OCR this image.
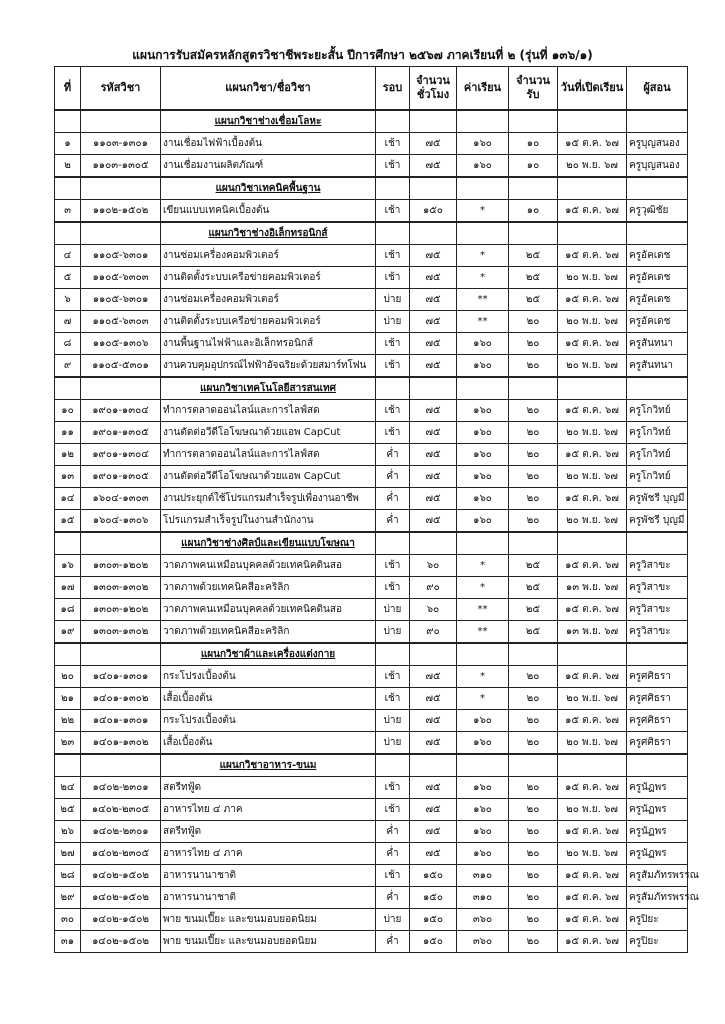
แผนการรับสมัครหลักสูตรวิชาชีพระยะสั้น ปีการศึกษา ๒๕๖๗ ภาคเรียนที่ ๒ (รุ่นที่ ๑๓๖/๑)
ที่	รหัสวิชา	แผนกวิชา/ชื่อวิชา	รอบ	จำนวนชั่วโมง	ค่าเรียน	จำนวนรับ	วันที่เปิดเรียน	ผู้สอน
		แผนกวิชาช่างเชื่อมโลหะ						
๑	๑๑๐๓-๑๓๐๑	งานเชื่อมไฟฟ้าเบื้องต้น	เช้า	๗๕	๑๖๐	๑๐	๑๕ ต.ค. ๖๗	ครูบุญสนอง
๒	๑๑๐๓-๑๓๐๕	งานเชื่อมงานผลิตภัณฑ์	เช้า	๗๕	๑๖๐	๑๐	๒๐ พ.ย. ๖๗	ครูบุญสนอง
		แผนกวิชาเทคนิคพื้นฐาน						
๓	๑๑๐๒-๑๕๐๒	เขียนแบบเทคนิคเบื้องต้น	เช้า	๑๕๐	*	๑๐	๑๕ ต.ค. ๖๗	ครูวุฒิชัย
		แผนกวิชาช่างอิเล็กทรอนิกส์						
๔	๑๑๐๕-๖๓๐๑	งานซ่อมเครื่องคอมพิวเตอร์	เช้า	๗๕	*	๒๕	๑๕ ต.ค. ๖๗	ครูอัคเดช
๕	๑๑๐๕-๖๓๐๓	งานติดตั้งระบบเครือข่ายคอมพิวเตอร์	เช้า	๗๕	*	๒๕	๒๐ พ.ย. ๖๗	ครูอัคเดช
๖	๑๑๐๕-๖๓๐๑	งานซ่อมเครื่องคอมพิวเตอร์	บ่าย	๗๕	**	๒๕	๑๕ ต.ค. ๖๗	ครูอัคเดช
๗	๑๑๐๕-๖๓๐๓	งานติดตั้งระบบเครือข่ายคอมพิวเตอร์	บ่าย	๗๕	**	๒๐	๒๐ พ.ย. ๖๗	ครูอัคเดช
๘	๑๑๐๕-๑๓๐๖	งานพื้นฐานไฟฟ้าและอิเล็กทรอนิกส์	เช้า	๗๕	๑๖๐	๒๐	๑๕ ต.ค. ๖๗	ครูสันทนา
๙	๑๑๐๕-๕๓๐๑	งานควบคุมอุปกรณ์ไฟฟ้าอัจฉริยะด้วยสมาร์ทโฟน	เช้า	๗๕	๑๖๐	๒๐	๒๐ พ.ย. ๖๗	ครูสันทนา
		แผนกวิชาเทคโนโลยีสารสนเทศ						
๑๐	๑๙๐๑-๑๓๐๔	ทำการตลาดออนไลน์และการไลฟ์สด	เช้า	๗๕	๑๖๐	๒๐	๑๕ ต.ค. ๖๗	ครูโกวิทย์
๑๑	๑๙๐๑-๑๓๐๕	งานตัดต่อวีดีโอโฆษณาด้วยแอพ CapCut	เช้า	๗๕	๑๖๐	๒๐	๒๐ พ.ย. ๖๗	ครูโกวิทย์
๑๒	๑๙๐๑-๑๓๐๔	ทำการตลาดออนไลน์และการไลฟ์สด	ค่ำ	๗๕	๑๖๐	๒๐	๑๕ ต.ค. ๖๗	ครูโกวิทย์
๑๓	๑๙๐๑-๑๓๐๕	งานตัดต่อวีดีโอโฆษณาด้วยแอพ CapCut	ค่ำ	๗๕	๑๖๐	๒๐	๒๐ พ.ย. ๖๗	ครูโกวิทย์
๑๔	๑๖๐๔-๑๓๐๓	งานประยุกต์ใช้โปรแกรมสำเร็จรูปเพื่องานอาชีพ	ค่ำ	๗๕	๑๖๐	๒๐	๑๕ ต.ค. ๖๗	ครูพัชรี บุญมี
๑๕	๑๖๐๔-๑๓๐๖	โปรแกรมสำเร็จรูปในงานสำนักงาน	ค่ำ	๗๕	๑๖๐	๒๐	๒๐ พ.ย. ๖๗	ครูพัชรี บุญมี
		แผนกวิชาช่างศิลป์และเขียนแบบโฆษณา						
๑๖	๑๓๐๓-๑๒๐๒	วาดภาพคนเหมือนบุคคลด้วยเทคนิคดินสอ	เช้า	๖๐	*	๒๕	๑๕ ต.ค. ๖๗	ครูวิสาขะ
๑๗	๑๓๐๓-๑๓๐๒	วาดภาพด้วยเทคนิคสีอะคริลิก	เช้า	๙๐	*	๒๕	๑๓ พ.ย. ๖๗	ครูวิสาขะ
๑๘	๑๓๐๓-๑๒๐๒	วาดภาพคนเหมือนบุคคลด้วยเทคนิคดินสอ	บ่าย	๖๐	**	๒๕	๑๕ ต.ค. ๖๗	ครูวิสาขะ
๑๙	๑๓๐๓-๑๓๐๒	วาดภาพด้วยเทคนิคสีอะคริลิก	บ่าย	๙๐	**	๒๕	๑๓ พ.ย. ๖๗	ครูวิสาขะ
		แผนกวิชาผ้าและเครื่องแต่งกาย						
๒๐	๑๔๐๑-๑๓๐๑	กระโปรงเบื้องต้น	เช้า	๗๕	*	๒๐	๑๕ ต.ค. ๖๗	ครูศศิธรา
๒๑	๑๔๐๑-๑๓๐๒	เสื้อเบื้องต้น	เช้า	๗๕	*	๒๐	๒๐ พ.ย. ๖๗	ครูศศิธรา
๒๒	๑๔๐๑-๑๓๐๑	กระโปรงเบื้องต้น	บ่าย	๗๕	๑๖๐	๒๐	๑๕ ต.ค. ๖๗	ครูศศิธรา
๒๓	๑๔๐๑-๑๓๐๒	เสื้อเบื้องต้น	บ่าย	๗๕	๑๖๐	๒๐	๒๐ พ.ย. ๖๗	ครูศศิธรา
		แผนกวิชาอาหาร-ขนม						
๒๔	๑๔๐๒-๒๓๐๑	สตรีทฟู้ด	เช้า	๗๕	๑๖๐	๒๐	๑๕ ต.ค. ๖๗	ครูนัฏพร
๒๕	๑๔๐๒-๒๓๐๕	อาหารไทย ๔ ภาค	เช้า	๗๕	๑๖๐	๒๐	๒๐ พ.ย. ๖๗	ครูนัฏพร
๒๖	๑๔๐๒-๒๓๐๑	สตรีทฟู้ด	ค่ำ	๗๕	๑๖๐	๒๐	๑๕ ต.ค. ๖๗	ครูนัฏพร
๒๗	๑๔๐๒-๒๓๐๕	อาหารไทย ๔ ภาค	ค่ำ	๗๕	๑๖๐	๒๐	๒๐ พ.ย. ๖๗	ครูนัฏพร
๒๘	๑๔๐๒-๑๕๐๒	อาหารนานาชาติ	เช้า	๑๕๐	๓๑๐	๒๐	๑๕ ต.ค. ๖๗	ครูสัมภัทรพรรณ
๒๙	๑๔๐๒-๑๕๐๒	อาหารนานาชาติ	ค่ำ	๑๕๐	๓๑๐	๒๐	๑๕ ต.ค. ๖๗	ครูสัมภัทรพรรณ
๓๐	๑๔๐๒-๑๕๐๒	พาย ขนมเปี๊ยะ และขนมอบยอดนิยม	บ่าย	๑๕๐	๓๖๐	๒๐	๑๕ ต.ค. ๖๗	ครูปิยะ
๓๑	๑๔๐๒-๑๕๐๒	พาย ขนมเปี๊ยะ และขนมอบยอดนิยม	ค่ำ	๑๕๐	๓๖๐	๒๐	๑๕ ต.ค. ๖๗	ครูปิยะ
